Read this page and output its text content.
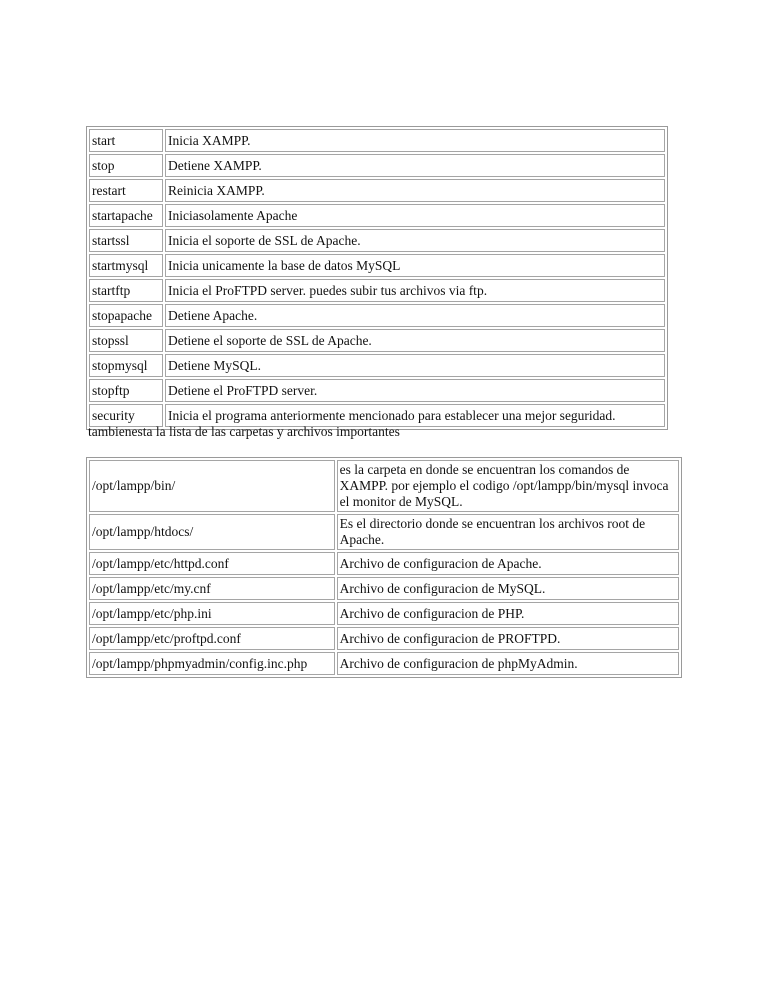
start	Inicia XAMPP.
stop	Detiene XAMPP.
restart	Reinicia XAMPP.
startapache	Iniciasolamente Apache
startssl	Inicia el soporte de SSL de Apache.
startmysql	Inicia unicamente la base de datos MySQL
startftp	Inicia el ProFTPD server. puedes subir tus archivos via ftp.
stopapache	Detiene Apache.
stopssl	Detiene el soporte de SSL de Apache.
stopmysql	Detiene MySQL.
stopftp	Detiene el ProFTPD server.
security	Inicia el programa anteriormente mencionado para establecer una mejor seguridad.
tambienesta la lista de las carpetas y archivos importantes
/opt/lampp/bin/	es la carpeta en donde se encuentran los comandos de XAMPP. por ejemplo el codigo /opt/lampp/bin/mysql invoca el monitor de MySQL.
/opt/lampp/htdocs/	Es el directorio donde se encuentran los archivos root de Apache.
/opt/lampp/etc/httpd.conf	Archivo de configuracion de Apache.
/opt/lampp/etc/my.cnf	Archivo de configuracion de MySQL.
/opt/lampp/etc/php.ini	Archivo de configuracion de PHP.
/opt/lampp/etc/proftpd.conf	Archivo de configuracion de PROFTPD.
/opt/lampp/phpmyadmin/config.inc.php	Archivo de configuracion de phpMyAdmin.
